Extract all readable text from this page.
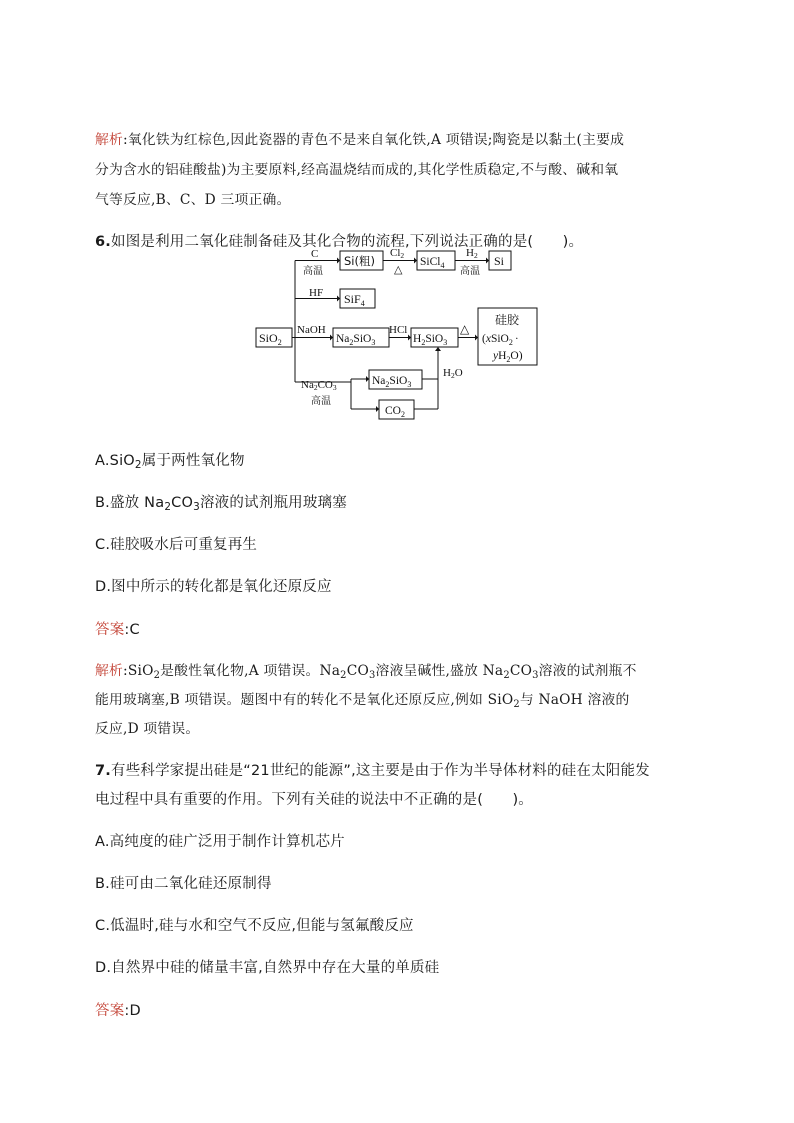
解析:氧化铁为红棕色,因此瓷器的青色不是来自氧化铁,A 项错误;陶瓷是以黏土(主要成
分为含水的铝硅酸盐)为主要原料,经高温烧结而成的,其化学性质稳定,不与酸、碱和氧
气等反应,B、C、D 三项正确。
6.如图是利用二氧化硅制备硅及其化合物的流程,下列说法正确的是(　　)。
SiO$_2$
C
高温
Si(粗)
Cl2
△
SiCl$_4$
H2
高温
Si
HF SiF$_4$
NaOH
$Na_2SiO_3$
HCl
$H_2SiO_3$
△
硅胶
(xSiO$_2$ ·
$yH_2O$)
H2O
Na2CO3
高温
$Na_2SiO_3$
$CO_2$
A.SiO$_2$属于两性氧化物
B.盛放 $Na_2CO_3$溶液的试剂瓶用玻璃塞
C.硅胶吸水后可重复再生
D.图中所示的转化都是氧化还原反应
答案:C
解析:SiO$_2$是酸性氧化物,A 项错误。$Na_2CO_3$溶液呈碱性,盛放 $Na_2CO_3$溶液的试剂瓶不
能用玻璃塞,B 项错误。题图中有的转化不是氧化还原反应,例如 SiO$_2$与 NaOH 溶液的
反应,D 项错误。
7.有些科学家提出硅是“21世纪的能源”,这主要是由于作为半导体材料的硅在太阳能发
电过程中具有重要的作用。下列有关硅的说法中不正确的是(　　)。
A.高纯度的硅广泛用于制作计算机芯片
B.硅可由二氧化硅还原制得
C.低温时,硅与水和空气不反应,但能与氢氟酸反应
D.自然界中硅的储量丰富,自然界中存在大量的单质硅
答案:D
